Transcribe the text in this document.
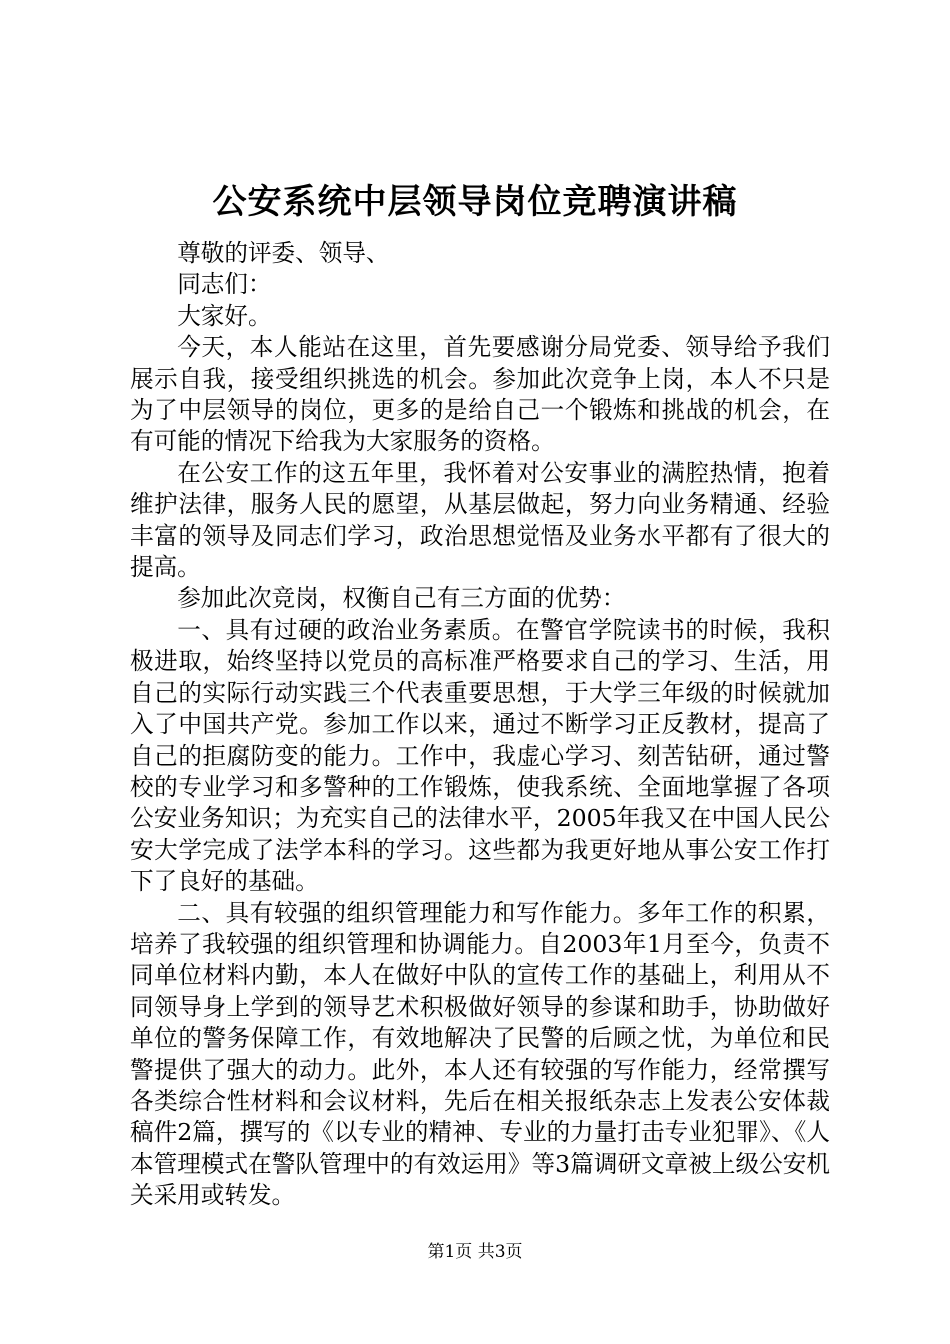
公安系统中层领导岗位竞聘演讲稿

尊敬的评委、领导、

同志们：

大家好。

今天，本人能站在这里，首先要感谢分局党委、领导给予我们展示自我，接受组织挑选的机会。参加此次竞争上岗，本人不只是为了中层领导的岗位，更多的是给自己一个锻炼和挑战的机会，在有可能的情况下给我为大家服务的资格。

在公安工作的这五年里，我怀着对公安事业的满腔热情，抱着维护法律，服务人民的愿望，从基层做起，努力向业务精通、经验丰富的领导及同志们学习，政治思想觉悟及业务水平都有了很大的提高。

参加此次竞岗，权衡自己有三方面的优势：

一、具有过硬的政治业务素质。在警官学院读书的时候，我积极进取，始终坚持以党员的高标准严格要求自己的学习、生活，用自己的实际行动实践三个代表重要思想，于大学三年级的时候就加入了中国共产党。参加工作以来，通过不断学习正反教材，提高了自己的拒腐防变的能力。工作中，我虚心学习、刻苦钻研，通过警校的专业学习和多警种的工作锻炼，使我系统、全面地掌握了各项公安业务知识；为充实自己的法律水平，2005年我又在中国人民公安大学完成了法学本科的学习。这些都为我更好地从事公安工作打下了良好的基础。

二、具有较强的组织管理能力和写作能力。多年工作的积累，培养了我较强的组织管理和协调能力。自2003年1月至今，负责不同单位材料内勤，本人在做好中队的宣传工作的基础上，利用从不同领导身上学到的领导艺术积极做好领导的参谋和助手，协助做好单位的警务保障工作，有效地解决了民警的后顾之忧，为单位和民警提供了强大的动力。此外，本人还有较强的写作能力，经常撰写各类综合性材料和会议材料，先后在相关报纸杂志上发表公安体裁稿件2篇，撰写的《以专业的精神、专业的力量打击专业犯罪》、《人本管理模式在警队管理中的有效运用》等3篇调研文章被上级公安机关采用或转发。

第1页 共3页
